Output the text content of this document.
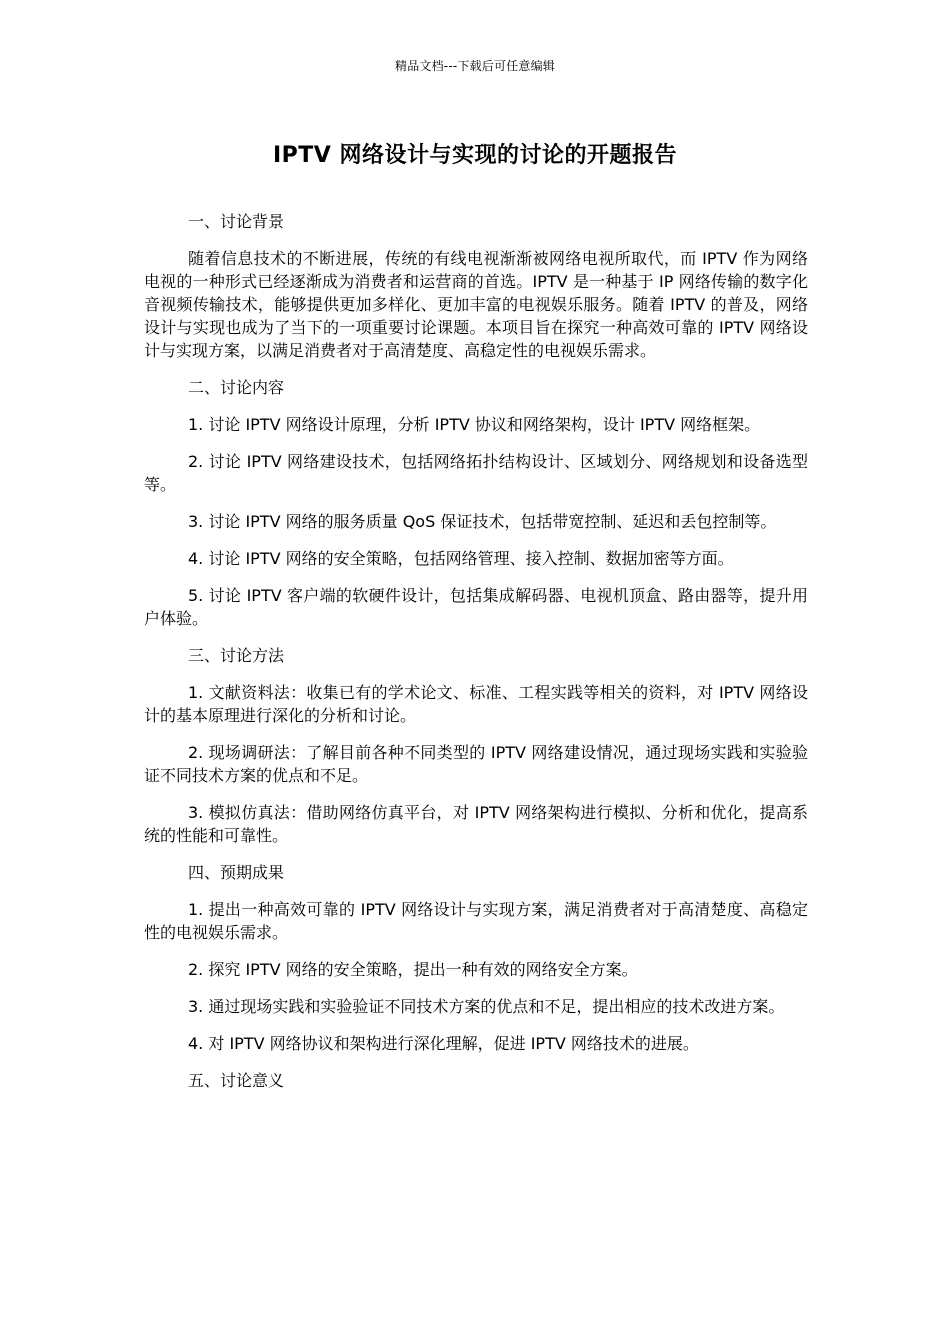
精品文档---下载后可任意编辑
IPTV 网络设计与实现的讨论的开题报告
一、讨论背景
随着信息技术的不断进展，传统的有线电视渐渐被网络电视所取代，而 IPTV 作为网络电视的一种形式已经逐渐成为消费者和运营商的首选。IPTV 是一种基于 IP 网络传输的数字化音视频传输技术，能够提供更加多样化、更加丰富的电视娱乐服务。随着 IPTV 的普及，网络设计与实现也成为了当下的一项重要讨论课题。本项目旨在探究一种高效可靠的 IPTV 网络设计与实现方案，以满足消费者对于高清楚度、高稳定性的电视娱乐需求。
二、讨论内容
1. 讨论 IPTV 网络设计原理，分析 IPTV 协议和网络架构，设计 IPTV 网络框架。
2. 讨论 IPTV 网络建设技术，包括网络拓扑结构设计、区域划分、网络规划和设备选型等。
3. 讨论 IPTV 网络的服务质量 QoS 保证技术，包括带宽控制、延迟和丢包控制等。
4. 讨论 IPTV 网络的安全策略，包括网络管理、接入控制、数据加密等方面。
5. 讨论 IPTV 客户端的软硬件设计，包括集成解码器、电视机顶盒、路由器等，提升用户体验。
三、讨论方法
1. 文献资料法：收集已有的学术论文、标准、工程实践等相关的资料，对 IPTV 网络设计的基本原理进行深化的分析和讨论。
2. 现场调研法：了解目前各种不同类型的 IPTV 网络建设情况，通过现场实践和实验验证不同技术方案的优点和不足。
3. 模拟仿真法：借助网络仿真平台，对 IPTV 网络架构进行模拟、分析和优化，提高系统的性能和可靠性。
四、预期成果
1. 提出一种高效可靠的 IPTV 网络设计与实现方案，满足消费者对于高清楚度、高稳定性的电视娱乐需求。
2. 探究 IPTV 网络的安全策略，提出一种有效的网络安全方案。
3. 通过现场实践和实验验证不同技术方案的优点和不足，提出相应的技术改进方案。
4. 对 IPTV 网络协议和架构进行深化理解，促进 IPTV 网络技术的进展。
五、讨论意义
